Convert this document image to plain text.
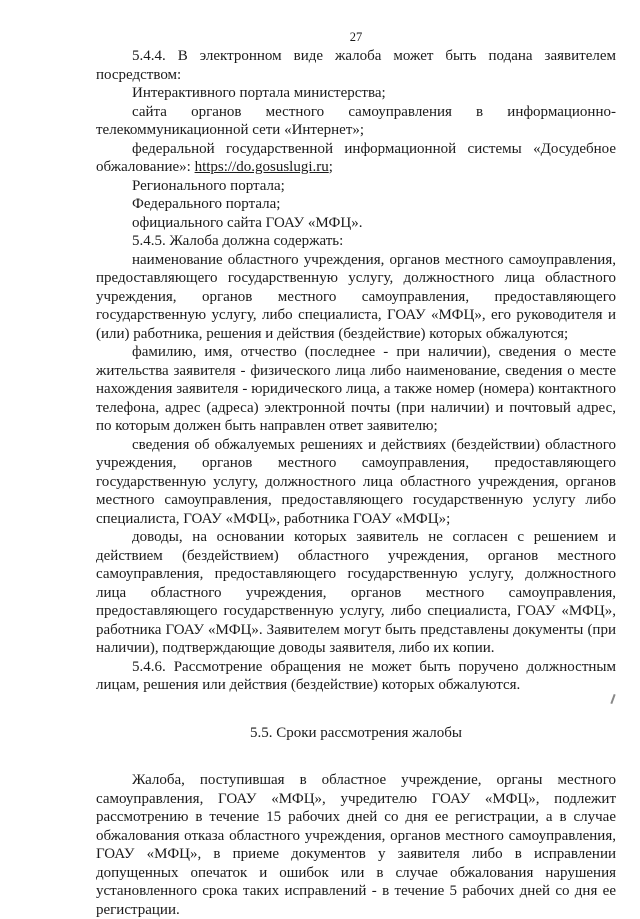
27

5.4.4. В электронном виде жалоба может быть подана заявителем посредством:

Интерактивного портала министерства;

сайта органов местного самоуправления в информационно-телекоммуникационной сети «Интернет»;

федеральной государственной информационной системы «Досудебное обжалование»: https://do.gosuslugi.ru;

Регионального портала;

Федерального портала;

официального сайта ГОАУ «МФЦ».

5.4.5. Жалоба должна содержать:

наименование областного учреждения, органов местного самоуправления, предоставляющего государственную услугу, должностного лица областного учреждения, органов местного самоуправления, предоставляющего государственную услугу, либо специалиста, ГОАУ «МФЦ», его руководителя и (или) работника, решения и действия (бездействие) которых обжалуются;

фамилию, имя, отчество (последнее - при наличии), сведения о месте жительства заявителя - физического лица либо наименование, сведения о месте нахождения заявителя - юридического лица, а также номер (номера) контактного телефона, адрес (адреса) электронной почты (при наличии) и почтовый адрес, по которым должен быть направлен ответ заявителю;

сведения об обжалуемых решениях и действиях (бездействии) областного учреждения, органов местного самоуправления, предоставляющего государственную услугу, должностного лица областного учреждения, органов местного самоуправления, предоставляющего государственную услугу либо специалиста, ГОАУ «МФЦ», работника ГОАУ «МФЦ»;

доводы, на основании которых заявитель не согласен с решением и действием (бездействием) областного учреждения, органов местного самоуправления, предоставляющего государственную услугу, должностного лица областного учреждения, органов местного самоуправления, предоставляющего государственную услугу, либо специалиста, ГОАУ «МФЦ», работника ГОАУ «МФЦ». Заявителем могут быть представлены документы (при наличии), подтверждающие доводы заявителя, либо их копии.

5.4.6. Рассмотрение обращения не может быть поручено должностным лицам, решения или действия (бездействие) которых обжалуются.

5.5. Сроки рассмотрения жалобы

Жалоба, поступившая в областное учреждение, органы местного самоуправления, ГОАУ «МФЦ», учредителю ГОАУ «МФЦ», подлежит рассмотрению в течение 15 рабочих дней со дня ее регистрации, а в случае обжалования отказа областного учреждения, органов местного самоуправления, ГОАУ «МФЦ», в приеме документов у заявителя либо в исправлении допущенных опечаток и ошибок или в случае обжалования нарушения установленного срока таких исправлений - в течение 5 рабочих дней со дня ее регистрации.
